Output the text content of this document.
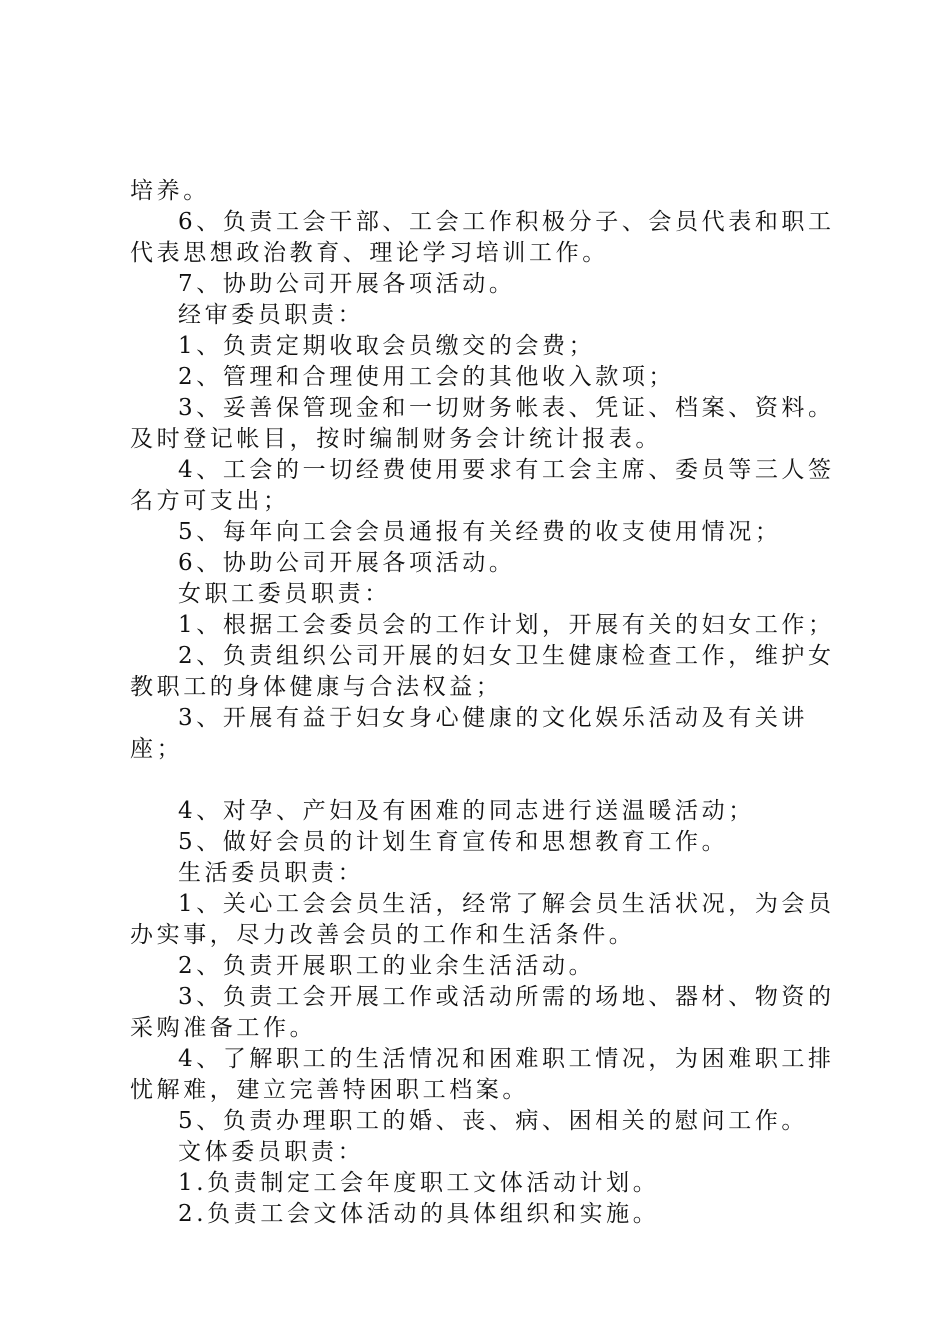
培养。

6、负责工会干部、工会工作积极分子、会员代表和职工代表思想政治教育、理论学习培训工作。

7、协助公司开展各项活动。

经审委员职责：

1、负责定期收取会员缴交的会费；

2、管理和合理使用工会的其他收入款项；

3、妥善保管现金和一切财务帐表、凭证、档案、资料。及时登记帐目，按时编制财务会计统计报表。

4、工会的一切经费使用要求有工会主席、委员等三人签名方可支出；

5、每年向工会会员通报有关经费的收支使用情况；

6、协助公司开展各项活动。

女职工委员职责：

1、根据工会委员会的工作计划，开展有关的妇女工作；

2、负责组织公司开展的妇女卫生健康检查工作，维护女教职工的身体健康与合法权益；

3、开展有益于妇女身心健康的文化娱乐活动及有关讲座；

4、对孕、产妇及有困难的同志进行送温暖活动；

5、做好会员的计划生育宣传和思想教育工作。

生活委员职责：

1、关心工会会员生活，经常了解会员生活状况，为会员办实事，尽力改善会员的工作和生活条件。

2、负责开展职工的业余生活活动。

3、负责工会开展工作或活动所需的场地、器材、物资的采购准备工作。

4、了解职工的生活情况和困难职工情况，为困难职工排忧解难，建立完善特困职工档案。

5、负责办理职工的婚、丧、病、困相关的慰问工作。

文体委员职责：

1.负责制定工会年度职工文体活动计划。

2.负责工会文体活动的具体组织和实施。
